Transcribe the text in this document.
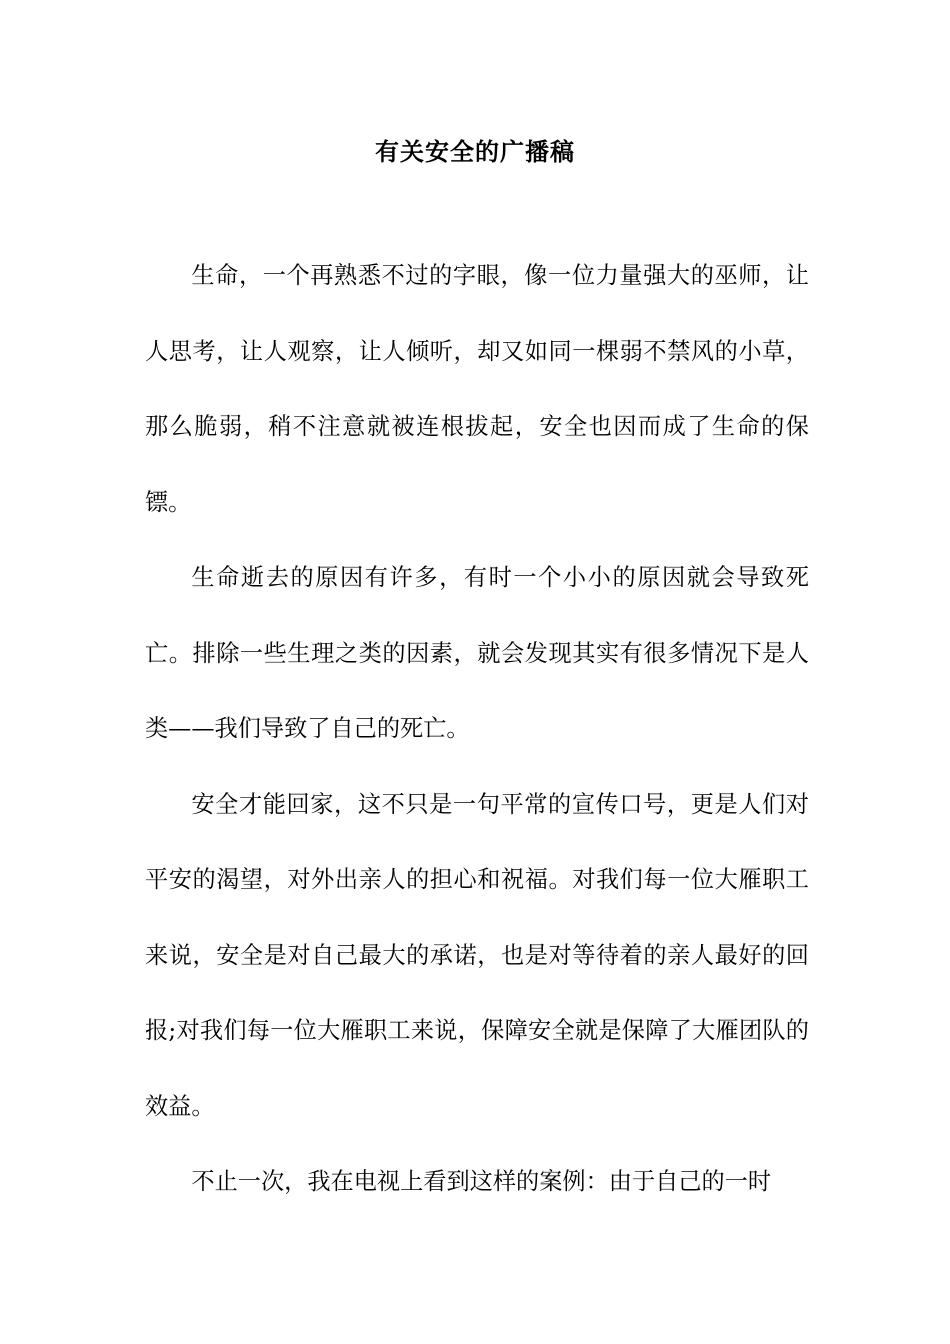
有关安全的广播稿

生命，一个再熟悉不过的字眼，像一位力量强大的巫师，让人思考，让人观察，让人倾听，却又如同一棵弱不禁风的小草，那么脆弱，稍不注意就被连根拔起，安全也因而成了生命的保镖。

生命逝去的原因有许多，有时一个小小的原因就会导致死亡。排除一些生理之类的因素，就会发现其实有很多情况下是人类——我们导致了自己的死亡。

安全才能回家，这不只是一句平常的宣传口号，更是人们对平安的渴望，对外出亲人的担心和祝福。对我们每一位大雁职工来说，安全是对自己最大的承诺，也是对等待着的亲人最好的回报;对我们每一位大雁职工来说，保障安全就是保障了大雁团队的效益。

不止一次，我在电视上看到这样的案例：由于自己的一时
